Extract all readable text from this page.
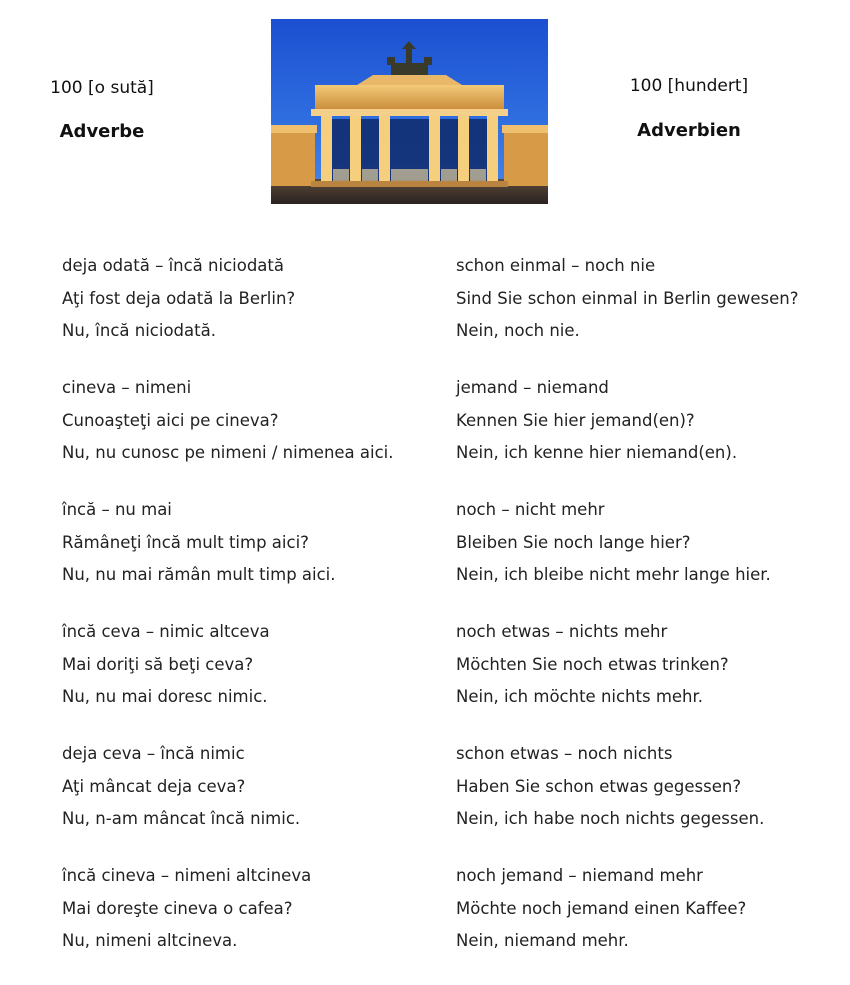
100 [o sută]
Adverbe
100 [hundert]
Adverbien
deja odată – încă niciodată
Aţi fost deja odată la Berlin?
Nu, încă niciodată.
cineva – nimeni
Cunoaşteţi aici pe cineva?
Nu, nu cunosc pe nimeni / nimenea aici.
încă – nu mai
Rămâneţi încă mult timp aici?
Nu, nu mai rămân mult timp aici.
încă ceva – nimic altceva
Mai doriţi să beţi ceva?
Nu, nu mai doresc nimic.
deja ceva – încă nimic
Aţi mâncat deja ceva?
Nu, n-am mâncat încă nimic.
încă cineva – nimeni altcineva
Mai doreşte cineva o cafea?
Nu, nimeni altcineva.
schon einmal – noch nie
Sind Sie schon einmal in Berlin gewesen?
Nein, noch nie.
jemand – niemand
Kennen Sie hier jemand(en)?
Nein, ich kenne hier niemand(en).
noch – nicht mehr
Bleiben Sie noch lange hier?
Nein, ich bleibe nicht mehr lange hier.
noch etwas – nichts mehr
Möchten Sie noch etwas trinken?
Nein, ich möchte nichts mehr.
schon etwas – noch nichts
Haben Sie schon etwas gegessen?
Nein, ich habe noch nichts gegessen.
noch jemand – niemand mehr
Möchte noch jemand einen Kaffee?
Nein, niemand mehr.
